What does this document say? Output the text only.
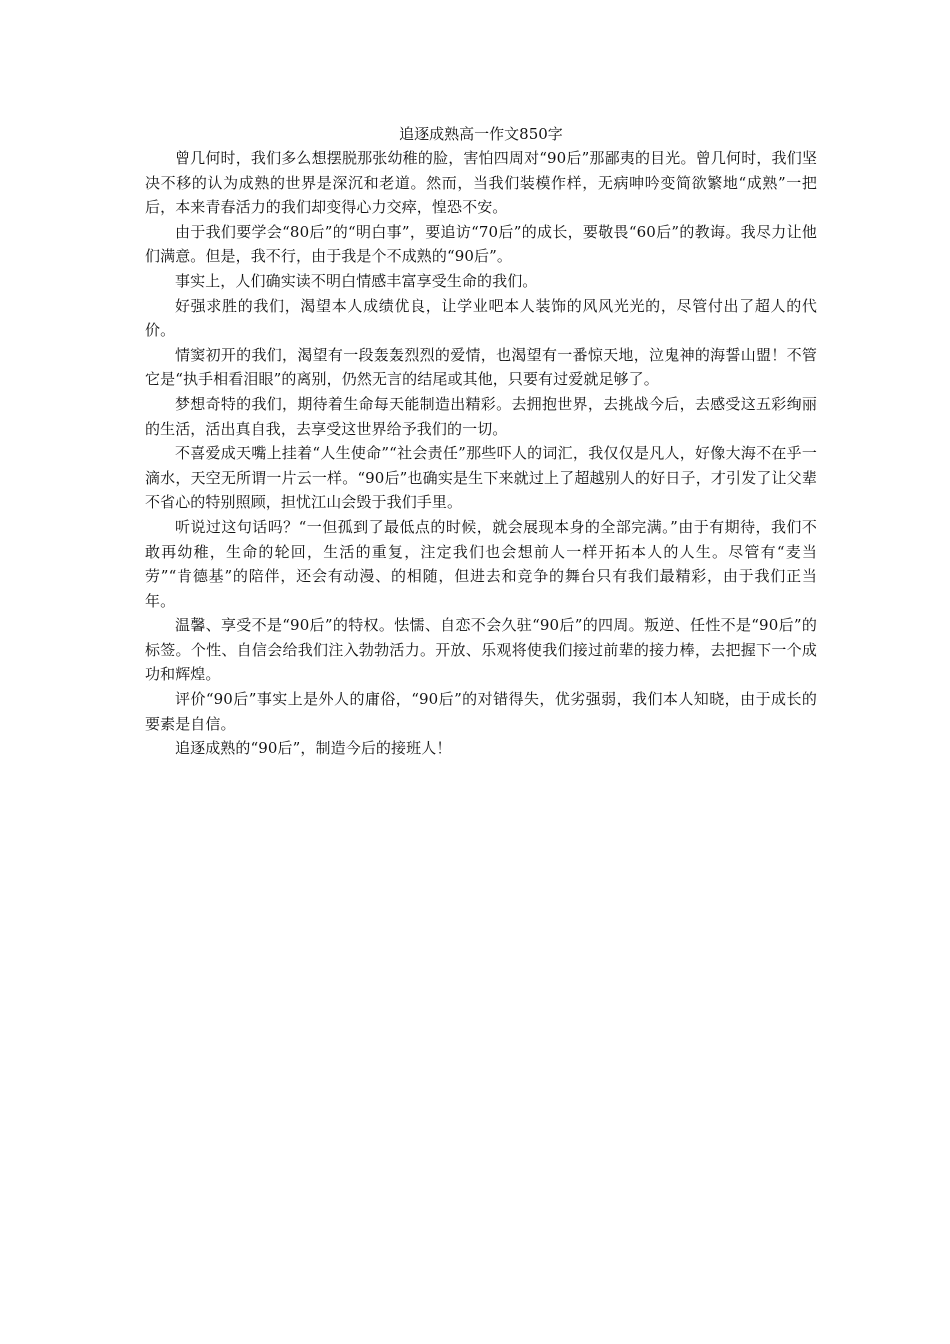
追逐成熟高一作文850字

曾几何时，我们多么想摆脱那张幼稚的脸，害怕四周对“90后”那鄙夷的目光。曾几何时，我们坚决不移的认为成熟的世界是深沉和老道。然而，当我们装模作样，无病呻吟变简欲繁地“成熟”一把后，本来青春活力的我们却变得心力交瘁，惶恐不安。

由于我们要学会“80后”的“明白事”，要追访“70后”的成长，要敬畏“60后”的教诲。我尽力让他们满意。但是，我不行，由于我是个不成熟的“90后”。

事实上，人们确实读不明白情感丰富享受生命的我们。

好强求胜的我们，渴望本人成绩优良，让学业吧本人装饰的风风光光的，尽管付出了超人的代价。

情窦初开的我们，渴望有一段轰轰烈烈的爱情，也渴望有一番惊天地，泣鬼神的海誓山盟！不管它是“执手相看泪眼”的离别，仍然无言的结尾或其他，只要有过爱就足够了。

梦想奇特的我们，期待着生命每天能制造出精彩。去拥抱世界，去挑战今后，去感受这五彩绚丽的生活，活出真自我，去享受这世界给予我们的一切。

不喜爱成天嘴上挂着“人生使命”“社会责任”那些吓人的词汇，我仅仅是凡人，好像大海不在乎一滴水，天空无所谓一片云一样。“90后”也确实是生下来就过上了超越别人的好日子，才引发了让父辈不省心的特别照顾，担忧江山会毁于我们手里。

听说过这句话吗？“一但孤到了最低点的时候，就会展现本身的全部完满。”由于有期待，我们不敢再幼稚，生命的轮回，生活的重复，注定我们也会想前人一样开拓本人的人生。尽管有“麦当劳”“肯德基”的陪伴，还会有动漫、的相随，但进去和竞争的舞台只有我们最精彩，由于我们正当年。

温馨、享受不是“90后”的特权。怯懦、自恋不会久驻“90后”的四周。叛逆、任性不是“90后”的标签。个性、自信会给我们注入勃勃活力。开放、乐观将使我们接过前辈的接力棒，去把握下一个成功和辉煌。

评价“90后”事实上是外人的庸俗，“90后”的对错得失，优劣强弱，我们本人知晓，由于成长的要素是自信。

追逐成熟的“90后”，制造今后的接班人！
